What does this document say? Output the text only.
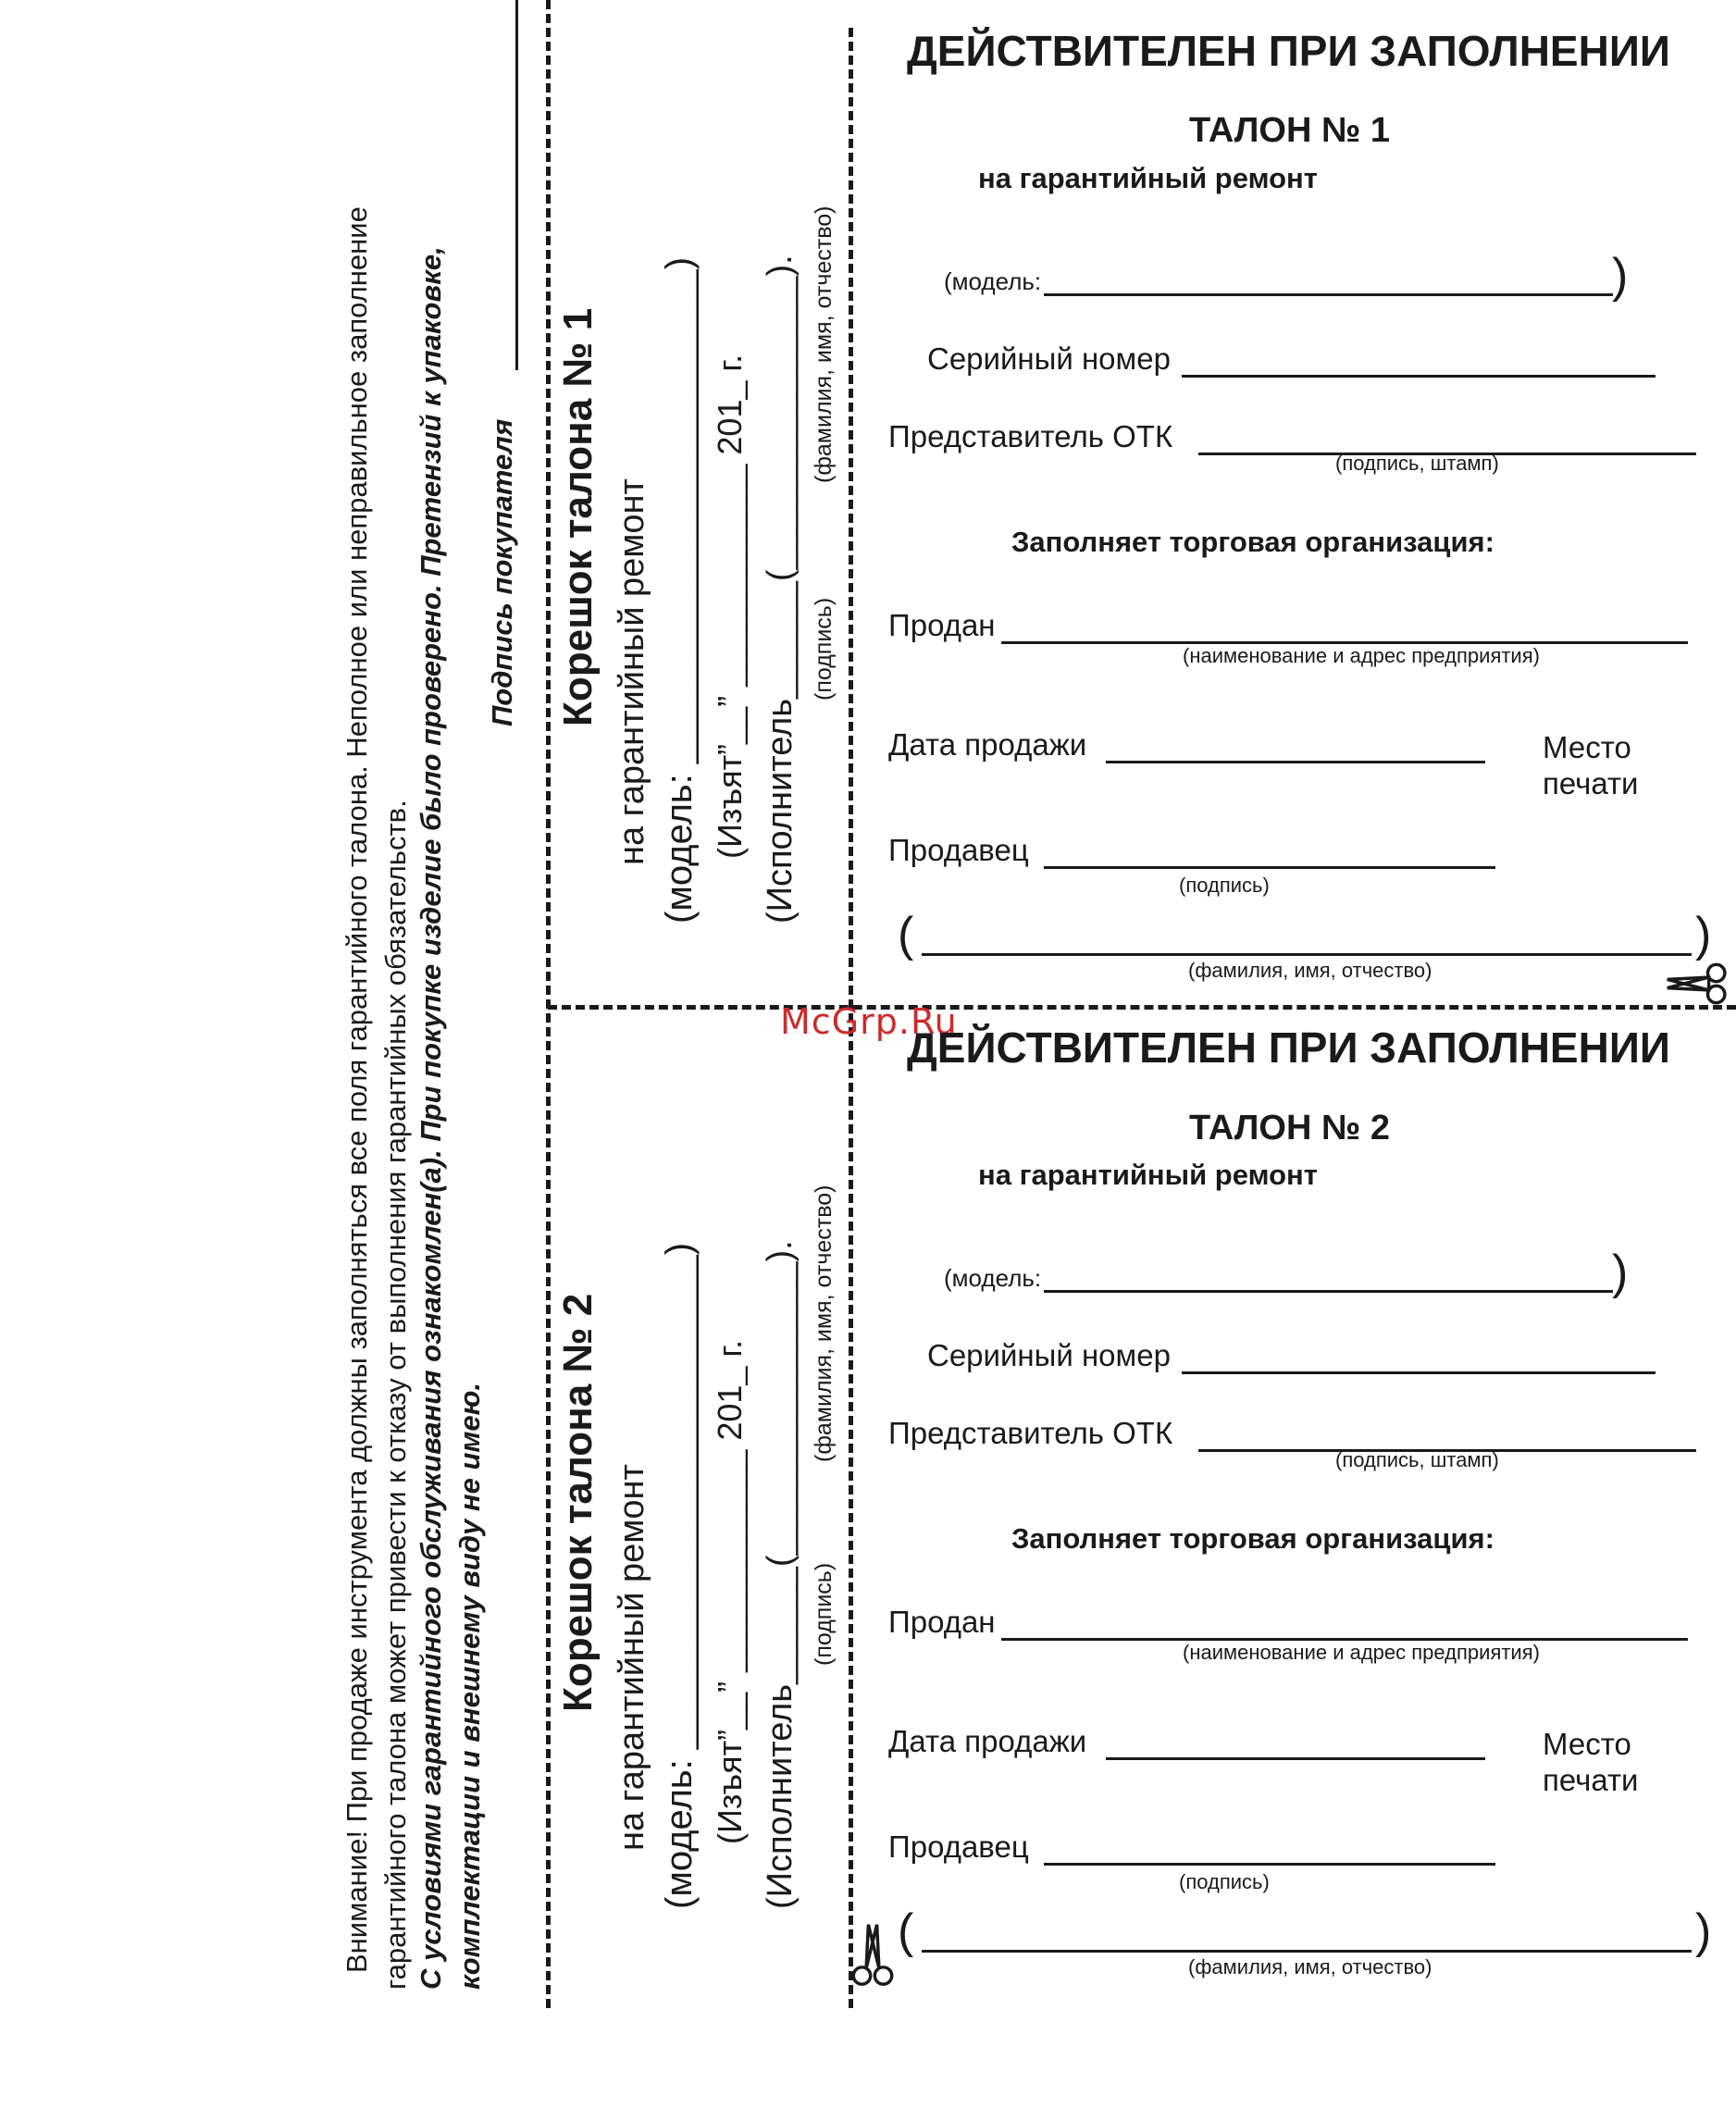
Внимание! При продаже инструмента должны заполняться все поля гарантийного талона. Неполное или неправильное заполнение гарантийного талона может привести к отказу от выполнения гарантийных обязательств. С условиями гарантийного обслуживания ознакомлен(а). При покупке изделие было проверено. Претензий к упаковке, комплектации и внешнему виду не имею.
Подпись покупателя Корешок талона № 1 на гарантийный ремонт (модель: ________________________) (Изъят”__” ____________ 201_ г. (Исполнитель______(_______________). (подпись)
(фамилия, имя, отчество)
Корешок талона № 2 на гарантийный ремонт (модель: ________________________) (Изъят”__” ____________ 201_ г. (Исполнитель______(_______________). (подпись)
(фамилия, имя, отчество)
ДЕЙСТВИТЕЛЕН ПРИ ЗАПОЛНЕНИИ
ТАЛОН № 1
на гарантийный ремонт
(модель:	)
Серийный номер
Представитель ОТК
(подпись, штамп)
Заполняет торговая организация:
Продан
(наименование и адрес предприятия)
Дата продажи	Место
печати
Продавец
(подпись)
(	)
(фамилия, имя, отчество)
McGrp.Ru
ДЕЙСТВИТЕЛЕН ПРИ ЗАПОЛНЕНИИ
ТАЛОН № 2
на гарантийный ремонт
(модель:	)
Серийный номер
Представитель ОТК
(подпись, штамп)
Заполняет торговая организация:
Продан
(наименование и адрес предприятия)
Дата продажи	Место
печати
Продавец
(подпись)
(	)
(фамилия, имя, отчество)
